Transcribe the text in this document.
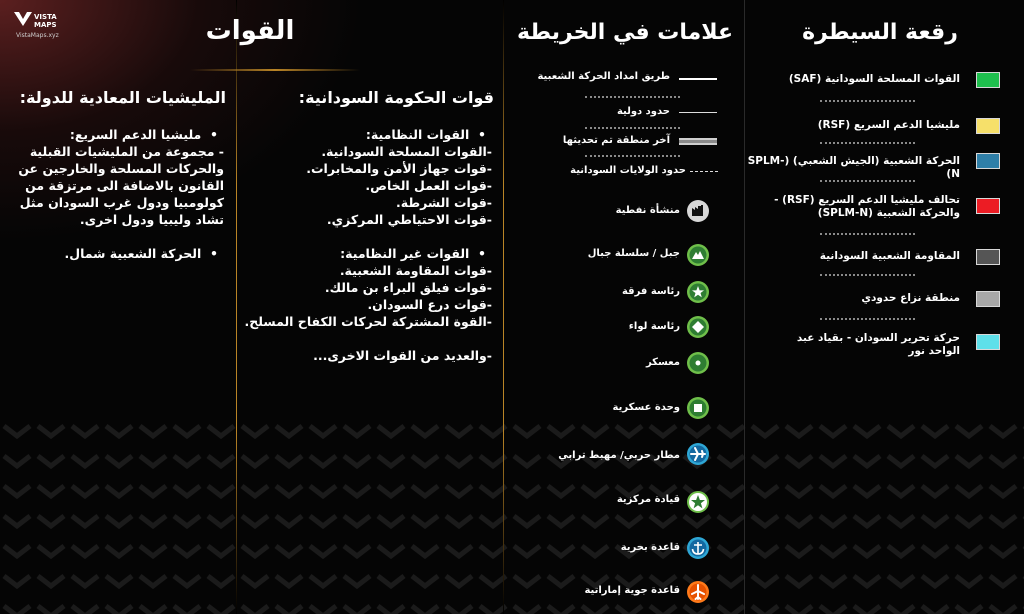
VISTA
MAPS
VistaMaps.xyz	رقعة السيطرة
علامات في الخريطة
القوات
القوات المسلحة السودانية (SAF)
مليشيا الدعم السريع (RSF)
الحركة الشعبية (الجيش الشعبي) (SPLM-N)
تحالف مليشيا الدعم السريع (RSF) -
والحركة الشعبية (SPLM-N)
المقاومة الشعبية السودانية
منطقة نزاع حدودي
حركة تحرير السودان - بقياد عبد
الواحد نور
طريق امداد الحركة الشعبية
حدود دولية
آخر منطقة تم تحديثها
حدود الولايات السودانية
منشأة نفطية
جبل / سلسلة جبال
رئاسة فرقة
رئاسة لواء
معسكر
وحدة عسكرية
مطار حربي/ مهبط ترابي
قيادة مركزية
قاعدة بحرية
قاعدة جوية إماراتية
قوات الحكومة السودانية:
•  القوات النظامية:
-القوات المسلحة السودانية.
-قوات جهاز الأمن والمخابرات.
-قوات العمل الخاص.
-قوات الشرطة.
-قوات الاحتياطي المركزي.
•  القوات غير النظامية:
-قوات المقاومة الشعبية.
-قوات فيلق البراء بن مالك.
-قوات درع السودان.
-القوة المشتركة لحركات الكفاح المسلح.
-والعديد من القوات الاخرى...
المليشيات المعادية للدولة:
•  مليشيا الدعم السريع:
- مجموعة من المليشيات القبلية
والحركات المسلحة والخارجين عن
القانون بالاضافة الى مرتزقة من
كولومبيا ودول غرب السودان مثل
تشاد وليبيا ودول اخرى.
•  الحركة الشعبية شمال.
